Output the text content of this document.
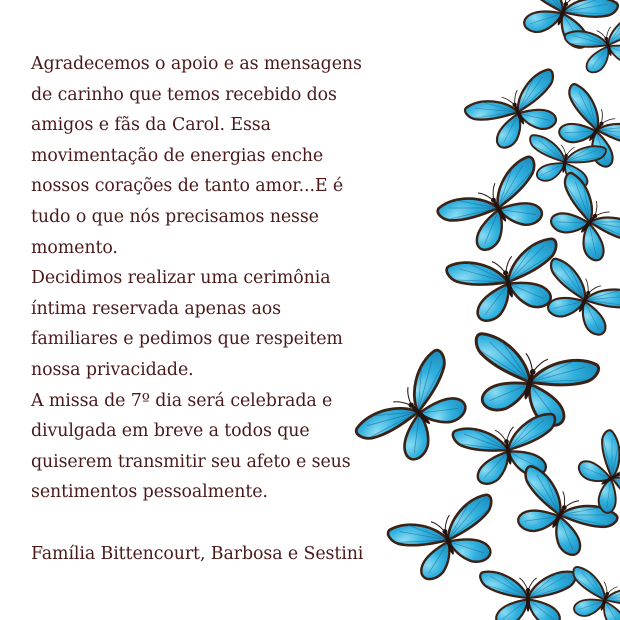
Agradecemos o apoio e as mensagens
de carinho que temos recebido dos
amigos e fãs da Carol. Essa
movimentação de energias enche
nossos corações de tanto amor...E é
tudo o que nós precisamos nesse
momento.
Decidimos realizar uma cerimônia
íntima reservada apenas aos
familiares e pedimos que respeitem
nossa privacidade.
A missa de 7º dia será celebrada e
divulgada em breve a todos que
quiserem transmitir seu afeto e seus
sentimentos pessoalmente.
Família Bittencourt, Barbosa e Sestini
